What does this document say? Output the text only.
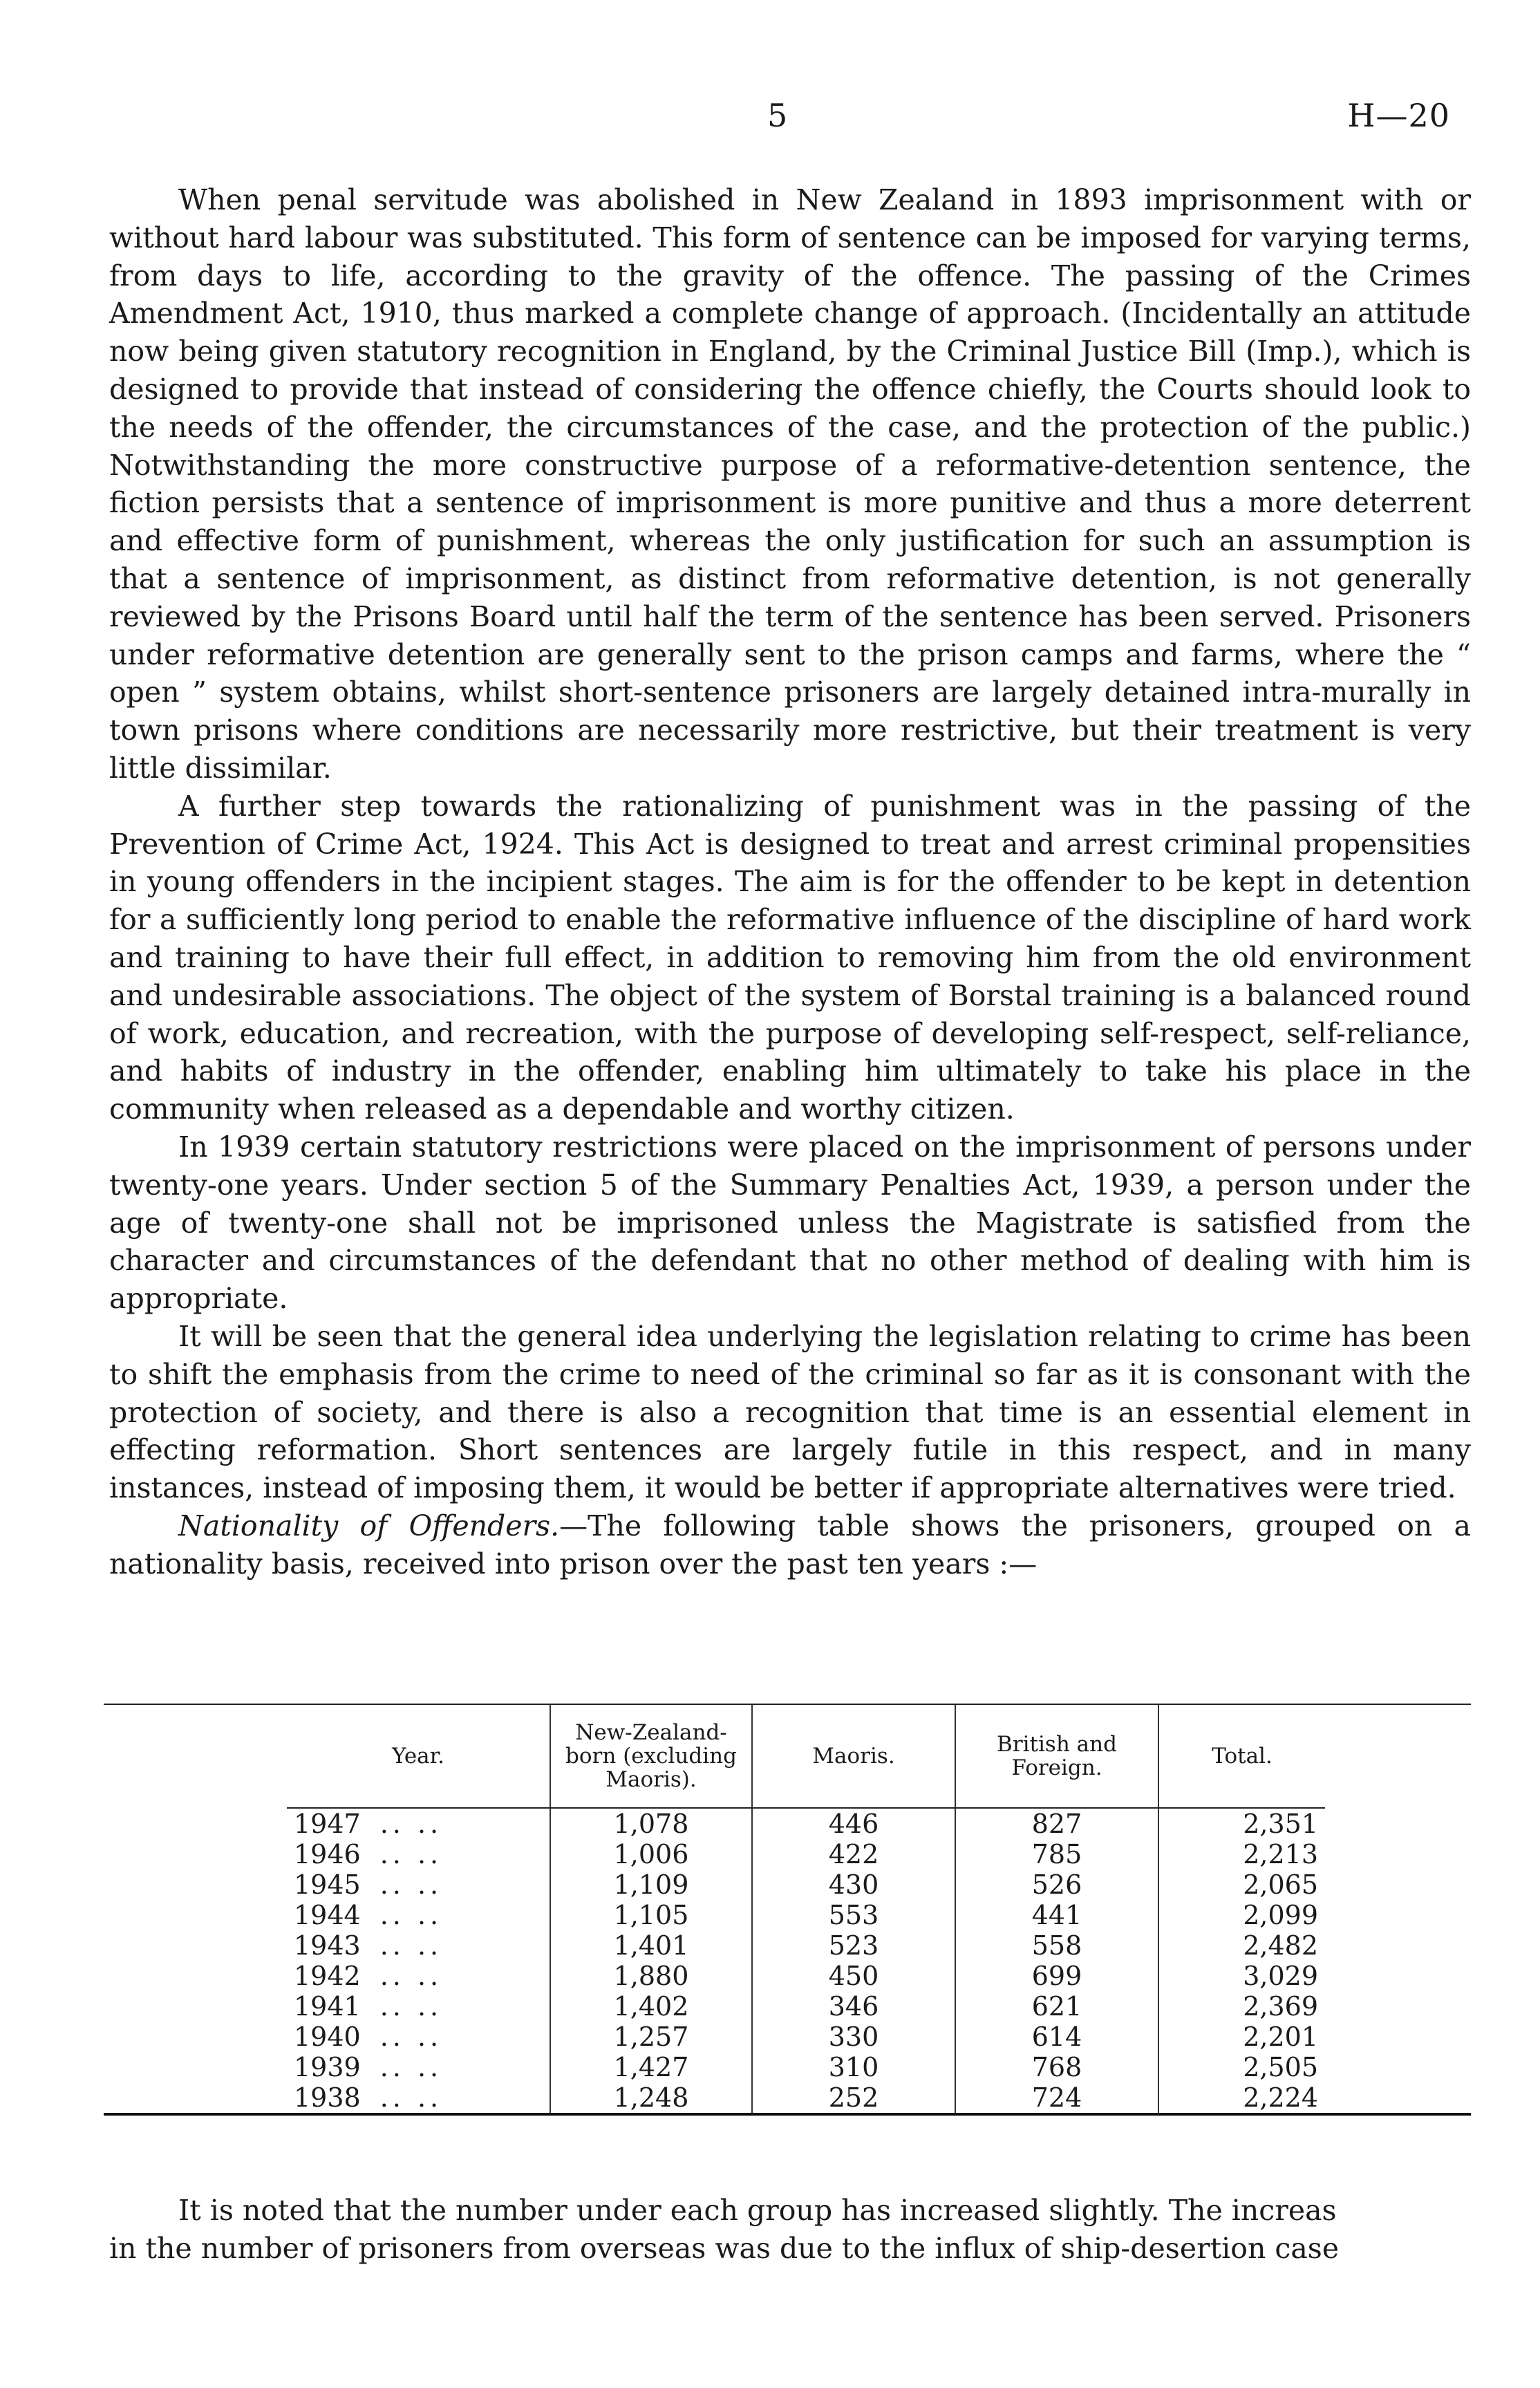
5	H—20

When penal servitude was abolished in New Zealand in 1893 imprisonment with or without hard labour was substituted. This form of sentence can be imposed for varying terms, from days to life, according to the gravity of the offence. The passing of the Crimes Amendment Act, 1910, thus marked a complete change of approach. (Incidentally an attitude now being given statutory recognition in England, by the Criminal Justice Bill (Imp.), which is designed to provide that instead of considering the offence chiefly, the Courts should look to the needs of the offender, the circumstances of the case, and the protection of the public.) Notwithstanding the more constructive purpose of a reformative-detention sentence, the fiction persists that a sentence of imprisonment is more punitive and thus a more deterrent and effective form of punishment, whereas the only justification for such an assumption is that a sentence of imprisonment, as distinct from reformative detention, is not generally reviewed by the Prisons Board until half the term of the sentence has been served. Prisoners under reformative detention are generally sent to the prison camps and farms, where the “ open ” system obtains, whilst short-sentence prisoners are largely detained intra-murally in town prisons where conditions are necessarily more restrictive, but their treatment is very little dissimilar.

A further step towards the rationalizing of punishment was in the passing of the Prevention of Crime Act, 1924. This Act is designed to treat and arrest criminal propensities in young offenders in the incipient stages. The aim is for the offender to be kept in detention for a sufficiently long period to enable the reformative influence of the discipline of hard work and training to have their full effect, in addition to removing him from the old environment and undesirable associations. The object of the system of Borstal training is a balanced round of work, education, and recreation, with the purpose of developing self-respect, self-reliance, and habits of industry in the offender, enabling him ultimately to take his place in the community when released as a dependable and worthy citizen.

In 1939 certain statutory restrictions were placed on the imprisonment of persons under twenty-one years. Under section 5 of the Summary Penalties Act, 1939, a person under the age of twenty-one shall not be imprisoned unless the Magistrate is satisfied from the character and circumstances of the defendant that no other method of dealing with him is appropriate.

It will be seen that the general idea underlying the legislation relating to crime has been to shift the emphasis from the crime to need of the criminal so far as it is consonant with the protection of society, and there is also a recognition that time is an essential element in effecting reformation. Short sentences are largely futile in this respect, and in many instances, instead of imposing them, it would be better if appropriate alternatives were tried.

Nationality of Offenders.—The following table shows the prisoners, grouped on a nationality basis, received into prison over the past ten years :—

Year.	New-Zealand-born (excluding Maoris).	Maoris.	British and Foreign.	Total.
1947 .. ..	1,078	446	827	2,351
1946 .. ..	1,006	422	785	2,213
1945 .. ..	1,109	430	526	2,065
1944 .. ..	1,105	553	441	2,099
1943 .. ..	1,401	523	558	2,482
1942 .. ..	1,880	450	699	3,029
1941 .. ..	1,402	346	621	2,369
1940 .. ..	1,257	330	614	2,201
1939 .. ..	1,427	310	768	2,505
1938 .. ..	1,248	252	724	2,224

It is noted that the number under each group has increased slightly. The increas

in the number of prisoners from overseas was due to the influx of ship-desertion case
